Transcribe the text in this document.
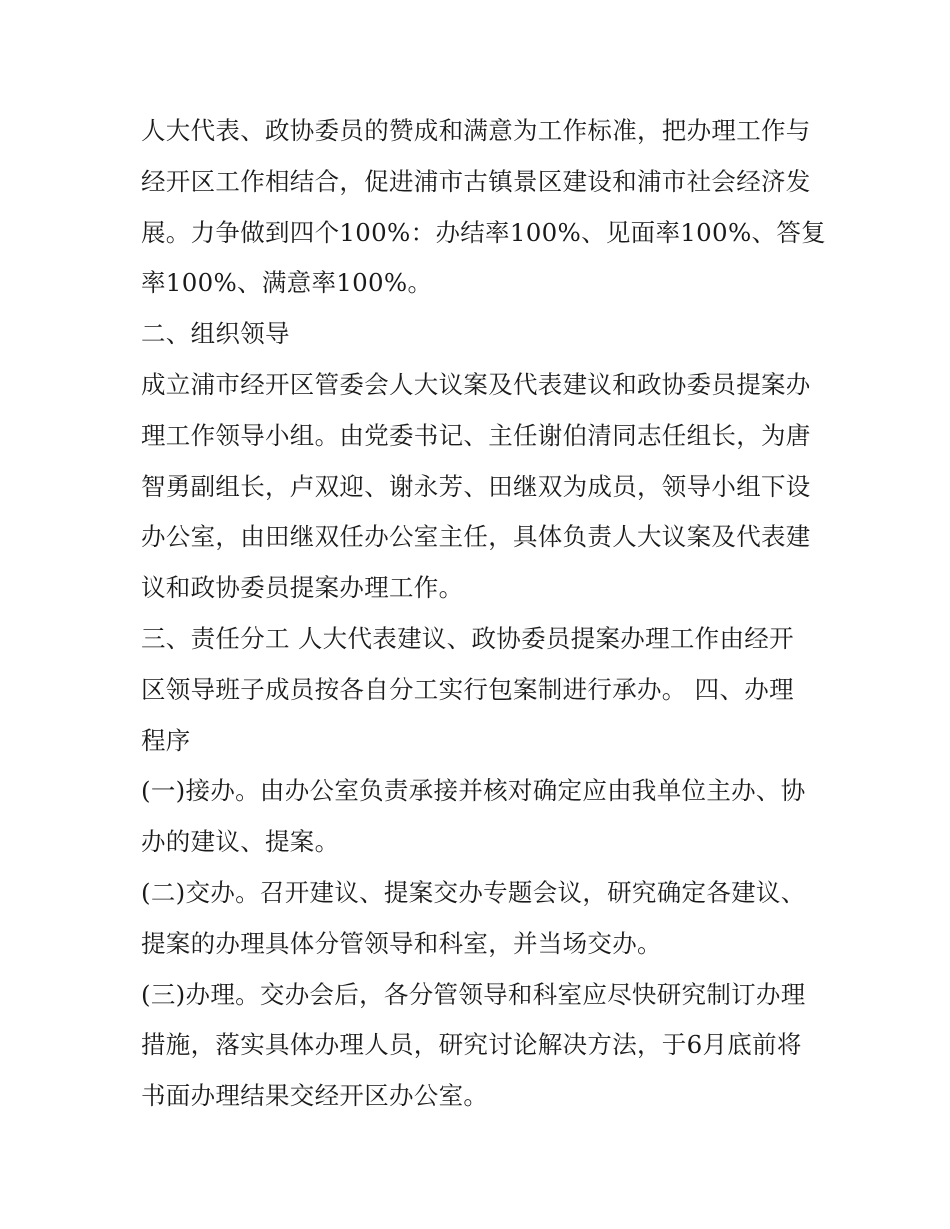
人大代表、政协委员的赞成和满意为工作标准，把办理工作与
经开区工作相结合，促进浦市古镇景区建设和浦市社会经济发
展。力争做到四个100%：办结率100%、见面率100%、答复
率100%、满意率100%。

二、组织领导

成立浦市经开区管委会人大议案及代表建议和政协委员提案办
理工作领导小组。由党委书记、主任谢伯清同志任组长，为唐
智勇副组长，卢双迎、谢永芳、田继双为成员，领导小组下设
办公室，由田继双任办公室主任，具体负责人大议案及代表建
议和政协委员提案办理工作。

三、责任分工 人大代表建议、政协委员提案办理工作由经开
区领导班子成员按各自分工实行包案制进行承办。 四、办理
程序

(一)接办。由办公室负责承接并核对确定应由我单位主办、协
办的建议、提案。

(二)交办。召开建议、提案交办专题会议，研究确定各建议、
提案的办理具体分管领导和科室，并当场交办。

(三)办理。交办会后，各分管领导和科室应尽快研究制订办理
措施，落实具体办理人员，研究讨论解决方法，于6月底前将
书面办理结果交经开区办公室。
